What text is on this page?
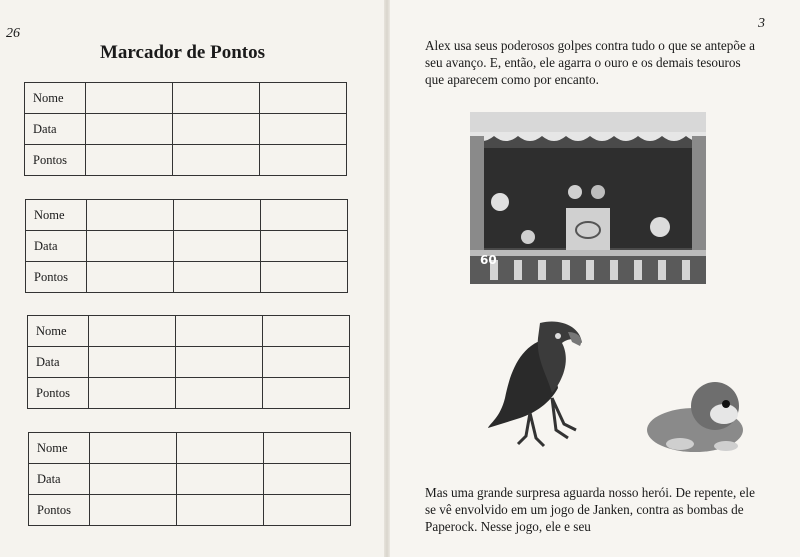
26
3
Marcador de Pontos
Nome			
Data			
Pontos			
Nome			
Data			
Pontos			
Nome			
Data			
Pontos			
Nome			
Data			
Pontos			
Alex usa seus poderosos golpes contra tudo o que se antepõe a seu avanço. E, então, ele agarra o ouro e os demais tesouros que aparecem como por encanto.
60
Mas uma grande surpresa aguarda nosso herói. De repente, ele se vê envolvido em um jogo de Janken, contra as bombas de Paperock. Nesse jogo, ele e seu
